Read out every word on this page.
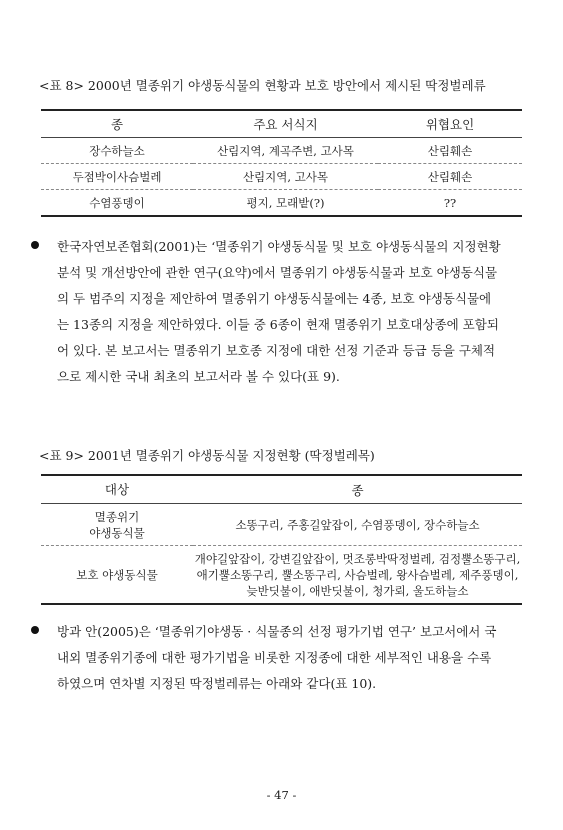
<표 8> 2000년 멸종위기 야생동식물의 현황과 보호 방안에서 제시된 딱정벌레류
종	주요 서식지	위협요인
장수하늘소	산림지역, 계곡주변, 고사목	산림훼손
두점박이사슴벌레	산림지역, 고사목	산림훼손
수염풍뎅이	평지, 모래밭(?)	??
한국자연보존협회(2001)는 ‘멸종위기 야생동식물 및 보호 야생동식물의 지정현황
분석 및 개선방안에 관한 연구(요약)에서 멸종위기 야생동식물과 보호 야생동식물
의 두 범주의 지정을 제안하여 멸종위기 야생동식물에는 4종, 보호 야생동식물에
는 13종의 지정을 제안하였다. 이들 중 6종이 현재 멸종위기 보호대상종에 포함되
어 있다. 본 보고서는 멸종위기 보호종 지정에 대한 선정 기준과 등급 등을 구체적
으로 제시한 국내 최초의 보고서라 볼 수 있다(표 9).
<표 9> 2001년 멸종위기 야생동식물 지정현황 (딱정벌레목)
대상	종

멸종위기
야생동식물	소똥구리, 주홍길앞잡이, 수염풍뎅이, 장수하늘소

보호 야생동식물	개야길앞잡이, 강변길앞잡이, 멋조롱박딱정벌레, 검정뿔소똥구리,
애기뿔소똥구리, 뿔소똥구리, 사슴벌레, 왕사슴벌레, 제주풍뎅이,
늦반딧불이, 애반딧불이, 청가뢰, 울도하늘소
방과 안(2005)은 ‘멸종위기야생동 · 식물종의 선정 평가기법 연구’ 보고서에서 국
내외 멸종위기종에 대한 평가기법을 비롯한 지정종에 대한 세부적인 내용을 수록
하였으며 연차별 지정된 딱정벌레류는 아래와 같다(표 10).
- 47 -
